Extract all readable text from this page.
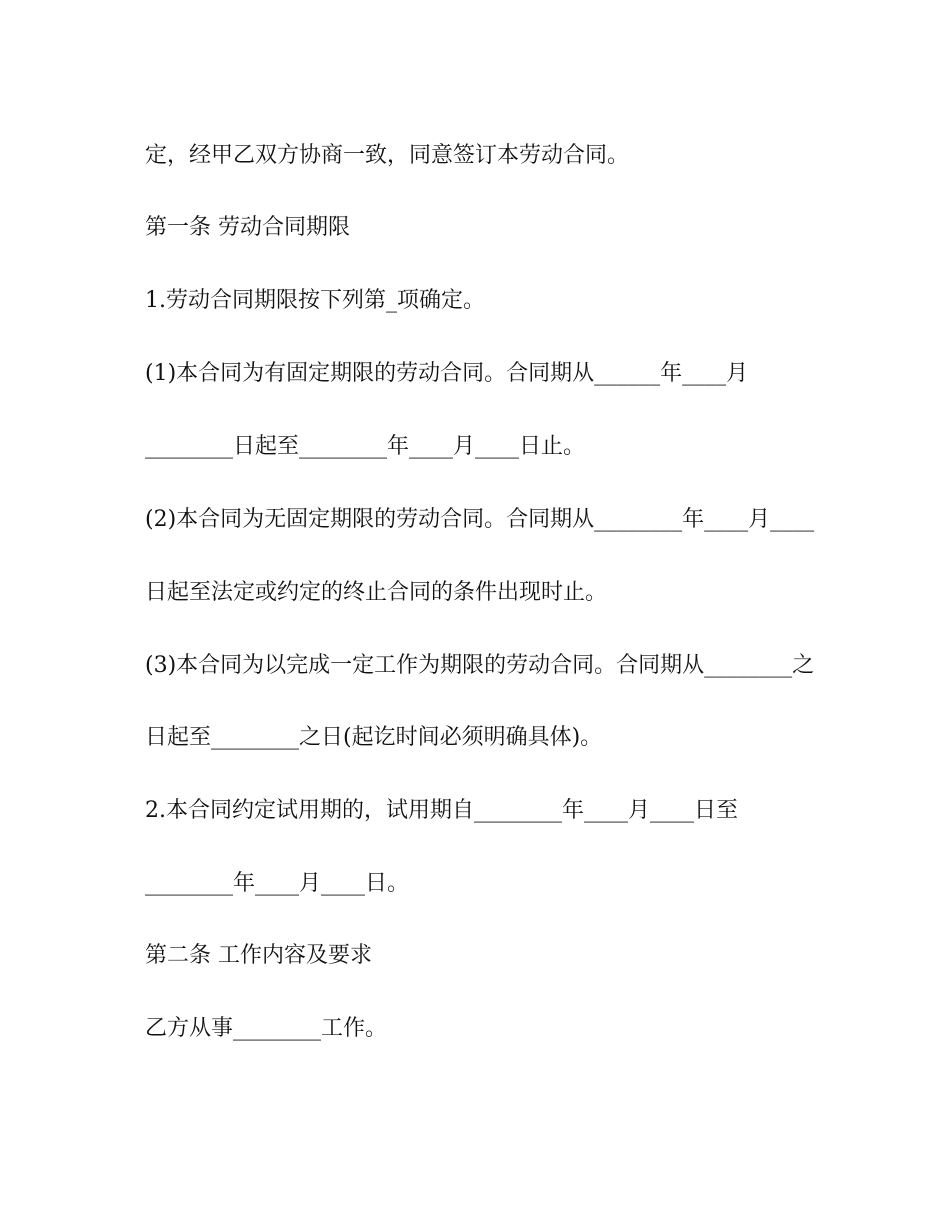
定，经甲乙双方协商一致，同意签订本劳动合同。

第一条 劳动合同期限

1.劳动合同期限按下列第_项确定。

(1)本合同为有固定期限的劳动合同。合同期从______年____月

________日起至________年____月____日止。

(2)本合同为无固定期限的劳动合同。合同期从________年____月____

日起至法定或约定的终止合同的条件出现时止。

(3)本合同为以完成一定工作为期限的劳动合同。合同期从________之

日起至________之日(起讫时间必须明确具体)。

2.本合同约定试用期的，试用期自________年____月____日至

________年____月____日。

第二条 工作内容及要求

乙方从事________工作。
